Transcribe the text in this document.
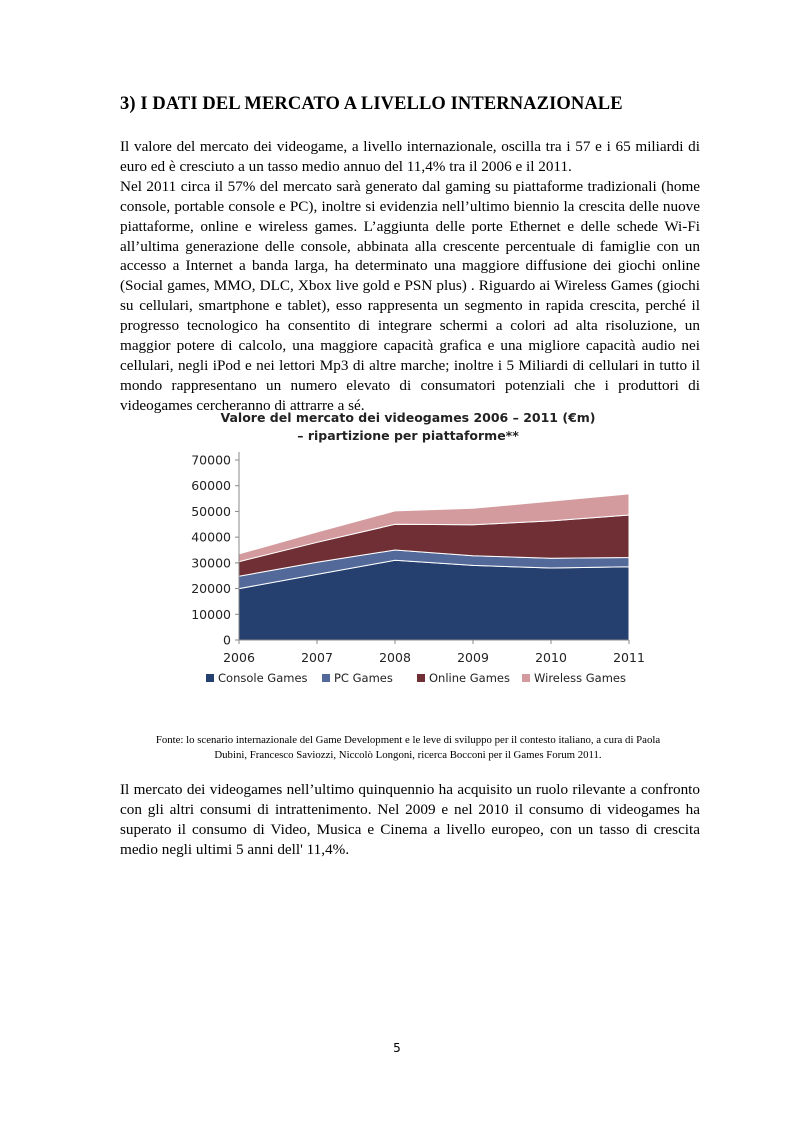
3) I DATI DEL MERCATO A LIVELLO INTERNAZIONALE

Il valore del mercato dei videogame, a livello internazionale, oscilla tra i 57 e i 65 miliardi di euro ed è cresciuto a un tasso medio annuo del 11,4% tra il 2006 e il 2011.

Nel 2011 circa il 57% del mercato sarà generato dal gaming su piattaforme tradizionali (home console, portable console e PC), inoltre si evidenzia nell’ultimo biennio la crescita delle nuove piattaforme, online e wireless games. L’aggiunta delle porte Ethernet e delle schede Wi-Fi all’ultima generazione delle console, abbinata alla crescente percentuale di famiglie con un accesso a Internet a banda larga, ha determinato una maggiore diffusione dei giochi online (Social games, MMO, DLC, Xbox live gold e PSN plus) . Riguardo ai Wireless Games (giochi su cellulari, smartphone e tablet), esso rappresenta un segmento in rapida crescita, perché il progresso tecnologico ha consentito di integrare schermi a colori ad alta risoluzione, un maggior potere di calcolo, una maggiore capacità grafica e una migliore capacità audio nei cellulari, negli iPod e nei lettori Mp3 di altre marche; inoltre i 5 Miliardi di cellulari in tutto il mondo rappresentano un numero elevato di consumatori potenziali che i produttori di videogames cercheranno di attrarre a sé.

Valore del mercato dei videogames 2006 – 2011 (€m)
– ripartizione per piattaforme**
0
10000
20000
30000
40000
50000
60000
70000
2006	2007	2008	2009	2010	2011
Console Games PC Games	Online Games Wireless Games
Fonte: lo scenario internazionale del Game Development e le leve di sviluppo per il contesto italiano, a cura di Paola
Dubini, Francesco Saviozzi, Niccolò Longoni, ricerca Bocconi per il Games Forum 2011.

Il mercato dei videogames nell’ultimo quinquennio ha acquisito un ruolo rilevante a confronto con gli altri consumi di intrattenimento. Nel 2009 e nel 2010 il consumo di videogames ha superato il consumo di Video, Musica e Cinema a livello europeo, con un tasso di crescita medio negli ultimi 5 anni dell' 11,4%.

5
